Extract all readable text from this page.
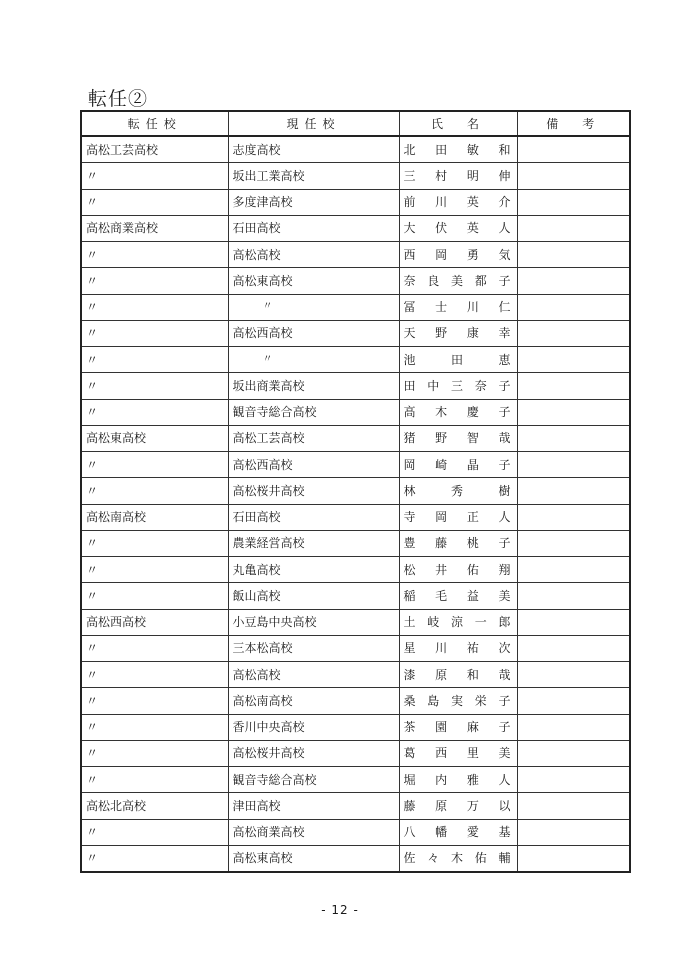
転任②
転任校	現任校	氏　名	備　考
高松工芸高校	志度高校	北田敏和	
〃	坂出工業高校	三村明伸	
〃	多度津高校	前川英介	
高松商業高校	石田高校	大伏英人	
〃	高松高校	西岡勇気	
〃	高松東高校	奈良美都子	
〃	〃	冨士川仁	
〃	高松西高校	天野康幸	
〃	〃	池田恵	
〃	坂出商業高校	田中三奈子	
〃	観音寺総合高校	高木慶子	
高松東高校	高松工芸高校	猪野智哉	
〃	高松西高校	岡崎晶子	
〃	高松桜井高校	林秀樹	
高松南高校	石田高校	寺岡正人	
〃	農業経営高校	豊藤桃子	
〃	丸亀高校	松井佑翔	
〃	飯山高校	稲毛益美	
高松西高校	小豆島中央高校	土岐涼一郎	
〃	三本松高校	星川祐次	
〃	高松高校	漆原和哉	
〃	高松南高校	桑島実栄子	
〃	香川中央高校	茶園麻子	
〃	高松桜井高校	葛西里美	
〃	観音寺総合高校	堀内雅人	
高松北高校	津田高校	藤原万以	
〃	高松商業高校	八幡愛基	
〃	高松東高校	佐々木佑輔	
- 12 -
